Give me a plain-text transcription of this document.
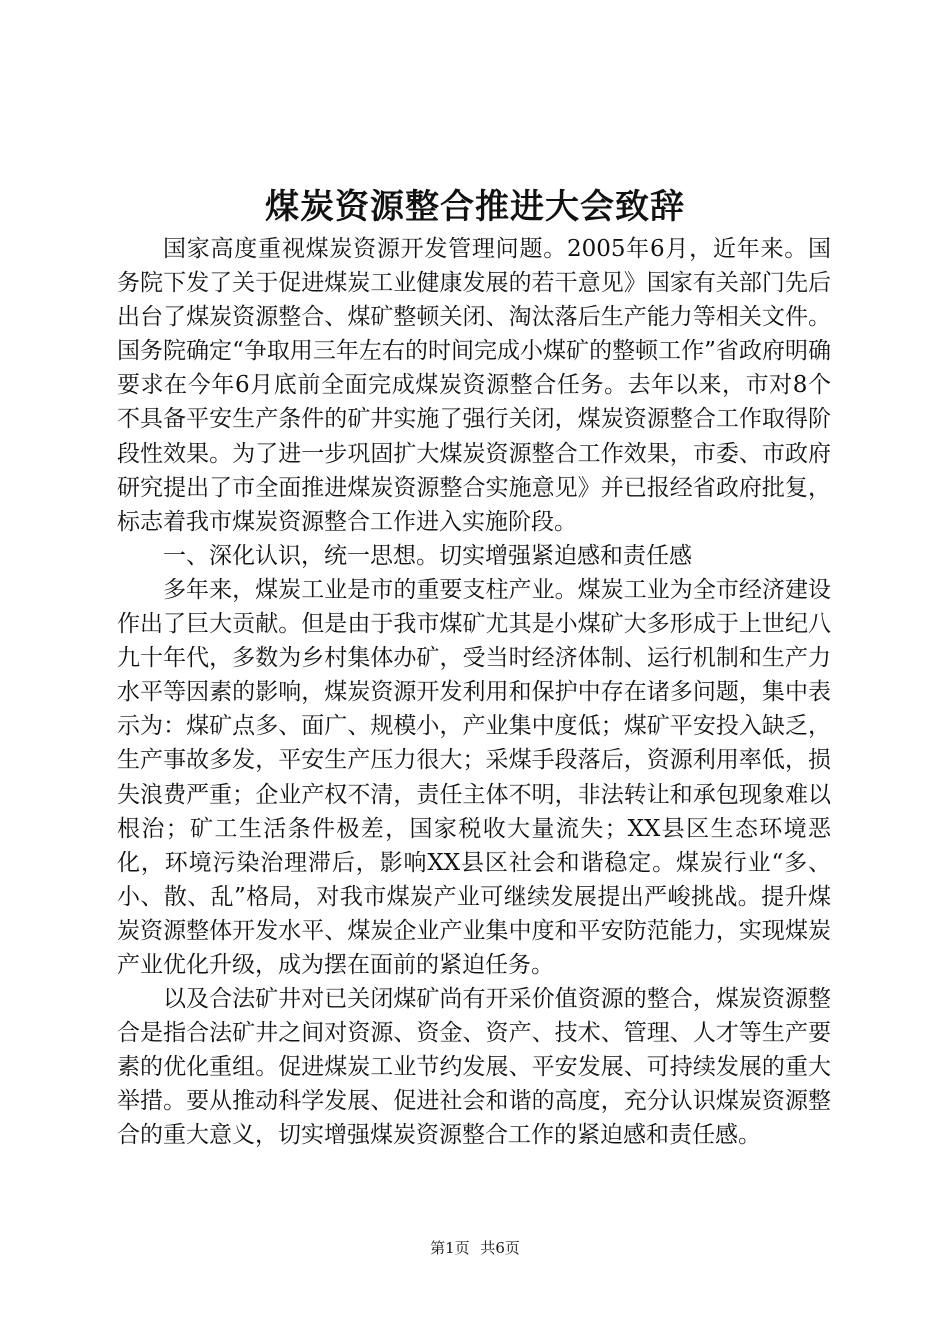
煤炭资源整合推进大会致辞

国家高度重视煤炭资源开发管理问题。2005年6月，近年来。国务院下发了关于促进煤炭工业健康发展的若干意见》国家有关部门先后出台了煤炭资源整合、煤矿整顿关闭、淘汰落后生产能力等相关文件。国务院确定“争取用三年左右的时间完成小煤矿的整顿工作”省政府明确要求在今年6月底前全面完成煤炭资源整合任务。去年以来，市对8个不具备平安生产条件的矿井实施了强行关闭，煤炭资源整合工作取得阶段性效果。为了进一步巩固扩大煤炭资源整合工作效果，市委、市政府研究提出了市全面推进煤炭资源整合实施意见》并已报经省政府批复，标志着我市煤炭资源整合工作进入实施阶段。

一、深化认识，统一思想。切实增强紧迫感和责任感

多年来，煤炭工业是市的重要支柱产业。煤炭工业为全市经济建设作出了巨大贡献。但是由于我市煤矿尤其是小煤矿大多形成于上世纪八九十年代，多数为乡村集体办矿，受当时经济体制、运行机制和生产力水平等因素的影响，煤炭资源开发利用和保护中存在诸多问题，集中表示为：煤矿点多、面广、规模小，产业集中度低；煤矿平安投入缺乏，生产事故多发，平安生产压力很大；采煤手段落后，资源利用率低，损失浪费严重；企业产权不清，责任主体不明，非法转让和承包现象难以根治；矿工生活条件极差，国家税收大量流失；XX县区生态环境恶化，环境污染治理滞后，影响XX县区社会和谐稳定。煤炭行业“多、小、散、乱”格局，对我市煤炭产业可继续发展提出严峻挑战。提升煤炭资源整体开发水平、煤炭企业产业集中度和平安防范能力，实现煤炭产业优化升级，成为摆在面前的紧迫任务。

以及合法矿井对已关闭煤矿尚有开采价值资源的整合，煤炭资源整合是指合法矿井之间对资源、资金、资产、技术、管理、人才等生产要素的优化重组。促进煤炭工业节约发展、平安发展、可持续发展的重大举措。要从推动科学发展、促进社会和谐的高度，充分认识煤炭资源整合的重大意义，切实增强煤炭资源整合工作的紧迫感和责任感。

第1页 共6页
